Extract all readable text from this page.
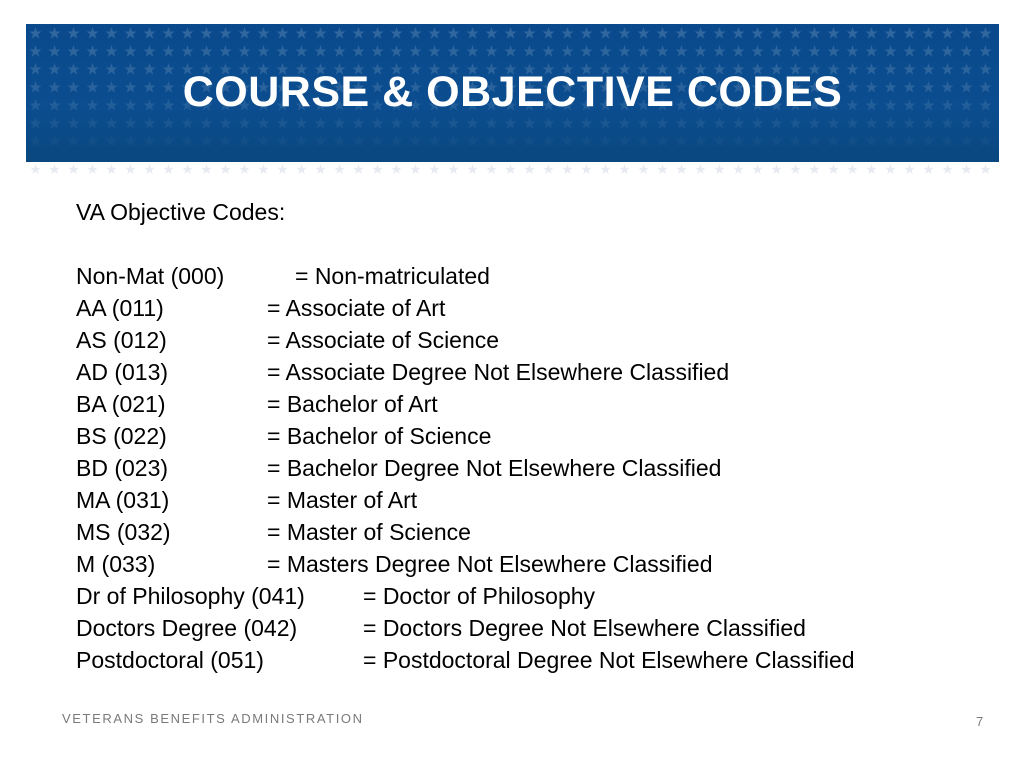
COURSE & OBJECTIVE CODES
VA Objective Codes:
Non-Mat (000)	= Non-matriculated
AA (011)	= Associate of Art
AS (012)	= Associate of Science
AD (013)	= Associate Degree Not Elsewhere Classified
BA (021)	= Bachelor of Art
BS (022)	= Bachelor of Science
BD (023)	= Bachelor Degree Not Elsewhere Classified
MA (031)	= Master of Art
MS (032)	= Master of Science
M (033)	= Masters Degree Not Elsewhere Classified
Dr of Philosophy (041)	= Doctor of Philosophy
Doctors Degree (042)	= Doctors Degree Not Elsewhere Classified
Postdoctoral (051)	= Postdoctoral Degree Not Elsewhere Classified
VETERANS BENEFITS ADMINISTRATION	7
